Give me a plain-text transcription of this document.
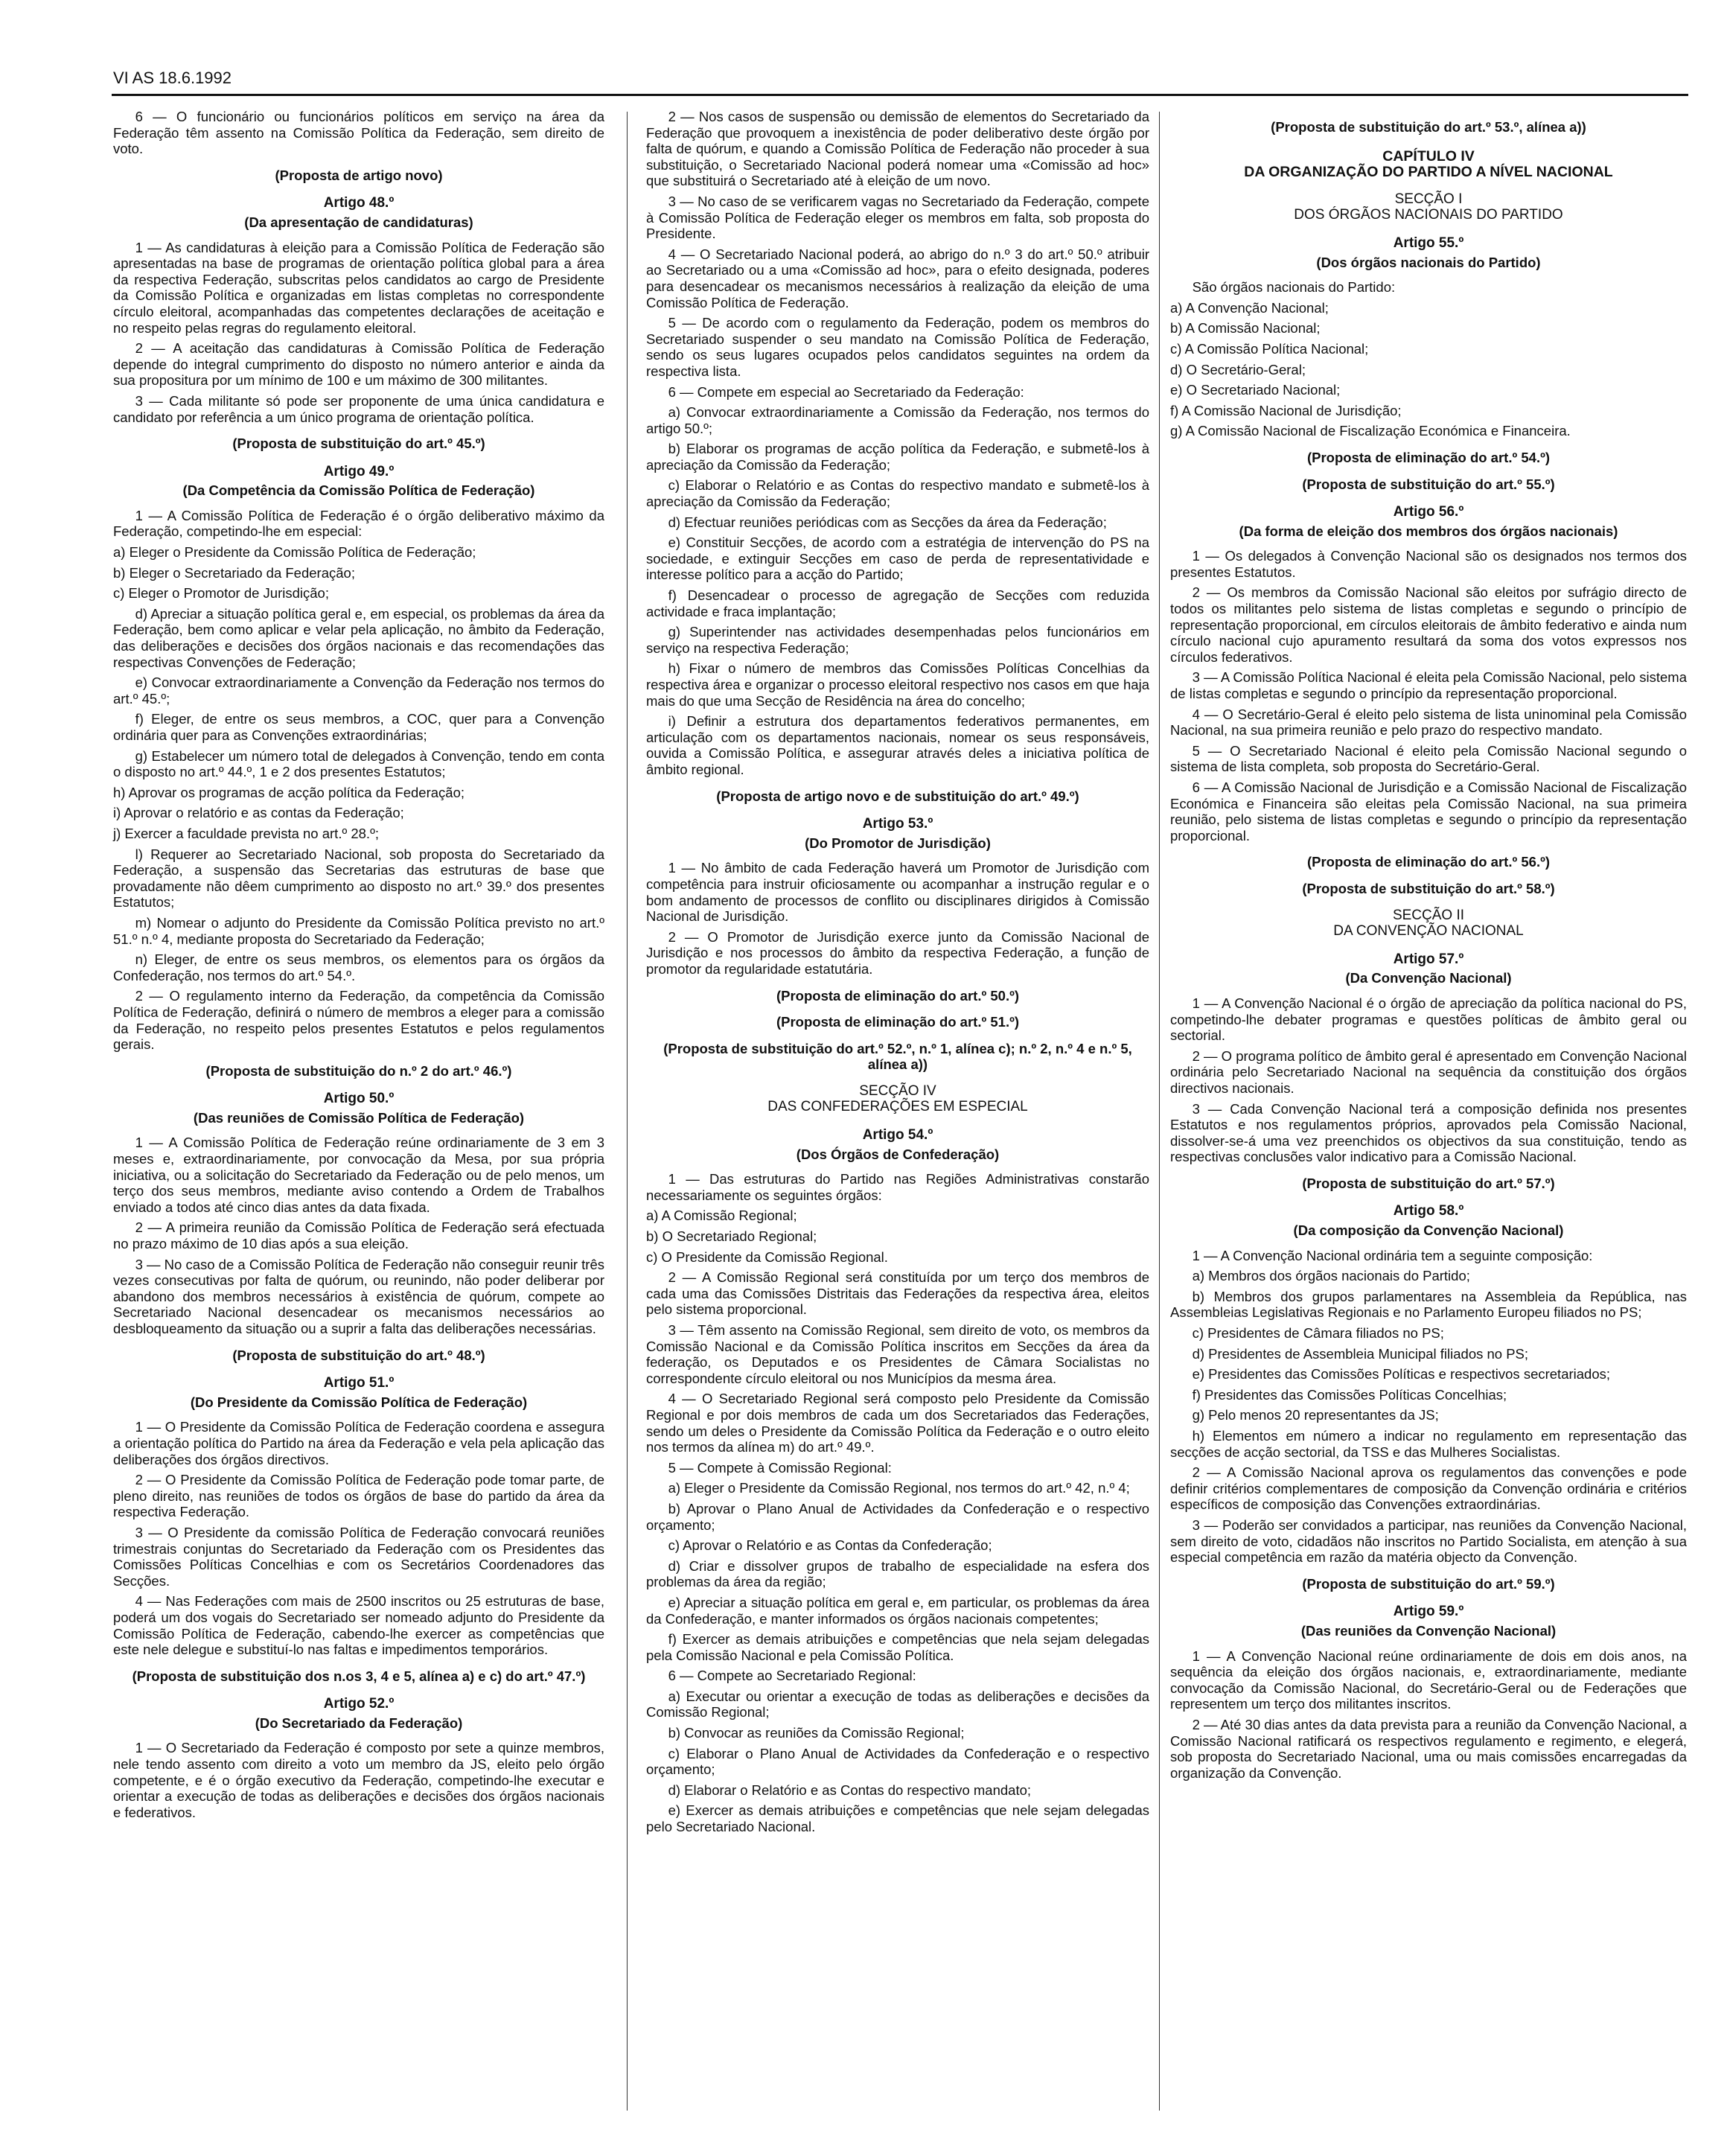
VI AS 18.6.1992

6 — O funcionário ou funcionários políticos em serviço na área da Federação têm assento na Comissão Política da Federação, sem direito de voto.

(Proposta de artigo novo)

Artigo 48.º

(Da apresentação de candidaturas)

1 — As candidaturas à eleição para a Comissão Política de Federação são apresentadas na base de programas de orientação política global para a área da respectiva Federação, subscritas pelos candidatos ao cargo de Presidente da Comissão Política e organizadas em listas completas no correspondente círculo eleitoral, acompanhadas das competentes declarações de aceitação e no respeito pelas regras do regulamento eleitoral.

2 — A aceitação das candidaturas à Comissão Política de Federação depende do integral cumprimento do disposto no número anterior e ainda da sua propositura por um mínimo de 100 e um máximo de 300 militantes.

3 — Cada militante só pode ser proponente de uma única candidatura e candidato por referência a um único programa de orientação política.

(Proposta de substituição do art.º 45.º)

Artigo 49.º

(Da Competência da Comissão Política de Federação)

1 — A Comissão Política de Federação é o órgão deliberativo máximo da Federação, competindo-lhe em especial:

a) Eleger o Presidente da Comissão Política de Federação;

b) Eleger o Secretariado da Federação;

c) Eleger o Promotor de Jurisdição;

d) Apreciar a situação política geral e, em especial, os problemas da área da Federação, bem como aplicar e velar pela aplicação, no âmbito da Federação, das deliberações e decisões dos órgãos nacionais e das recomendações das respectivas Convenções de Federação;

e) Convocar extraordinariamente a Convenção da Federação nos termos do art.º 45.º;

f) Eleger, de entre os seus membros, a COC, quer para a Convenção ordinária quer para as Convenções extraordinárias;

g) Estabelecer um número total de delegados à Convenção, tendo em conta o disposto no art.º 44.º, 1 e 2 dos presentes Estatutos;

h) Aprovar os programas de acção política da Federação;

i) Aprovar o relatório e as contas da Federação;

j) Exercer a faculdade prevista no art.º 28.º;

l) Requerer ao Secretariado Nacional, sob proposta do Secretariado da Federação, a suspensão das Secretarias das estruturas de base que provadamente não dêem cumprimento ao disposto no art.º 39.º dos presentes Estatutos;

m) Nomear o adjunto do Presidente da Comissão Política previsto no art.º 51.º n.º 4, mediante proposta do Secretariado da Federação;

n) Eleger, de entre os seus membros, os elementos para os órgãos da Confederação, nos termos do art.º 54.º.

2 — O regulamento interno da Federação, da competência da Comissão Política de Federação, definirá o número de membros a eleger para a comissão da Federação, no respeito pelos presentes Estatutos e pelos regulamentos gerais.

(Proposta de substituição do n.º 2 do art.º 46.º)

Artigo 50.º

(Das reuniões de Comissão Política de Federação)

1 — A Comissão Política de Federação reúne ordinariamente de 3 em 3 meses e, extraordinariamente, por convocação da Mesa, por sua própria iniciativa, ou a solicitação do Secretariado da Federação ou de pelo menos, um terço dos seus membros, mediante aviso contendo a Ordem de Trabalhos enviado a todos até cinco dias antes da data fixada.

2 — A primeira reunião da Comissão Política de Federação será efectuada no prazo máximo de 10 dias após a sua eleição.

3 — No caso de a Comissão Política de Federação não conseguir reunir três vezes consecutivas por falta de quórum, ou reunindo, não poder deliberar por abandono dos membros necessários à existência de quórum, compete ao Secretariado Nacional desencadear os mecanismos necessários ao desbloqueamento da situação ou a suprir a falta das deliberações necessárias.

(Proposta de substituição do art.º 48.º)

Artigo 51.º

(Do Presidente da Comissão Política de Federação)

1 — O Presidente da Comissão Política de Federação coordena e assegura a orientação política do Partido na área da Federação e vela pela aplicação das deliberações dos órgãos directivos.

2 — O Presidente da Comissão Política de Federação pode tomar parte, de pleno direito, nas reuniões de todos os órgãos de base do partido da área da respectiva Federação.

3 — O Presidente da comissão Política de Federação convocará reuniões trimestrais conjuntas do Secretariado da Federação com os Presidentes das Comissões Políticas Concelhias e com os Secretários Coordenadores das Secções.

4 — Nas Federações com mais de 2500 inscritos ou 25 estruturas de base, poderá um dos vogais do Secretariado ser nomeado adjunto do Presidente da Comissão Política de Federação, cabendo-lhe exercer as competências que este nele delegue e substituí-lo nas faltas e impedimentos temporários.

(Proposta de substituição dos n.os 3, 4 e 5, alínea a) e c) do art.º 47.º)

Artigo 52.º

(Do Secretariado da Federação)

1 — O Secretariado da Federação é composto por sete a quinze membros, nele tendo assento com direito a voto um membro da JS, eleito pelo órgão competente, e é o órgão executivo da Federação, competindo-lhe executar e orientar a execução de todas as deliberações e decisões dos órgãos nacionais e federativos.

2 — Nos casos de suspensão ou demissão de elementos do Secretariado da Federação que provoquem a inexistência de poder deliberativo deste órgão por falta de quórum, e quando a Comissão Política de Federação não proceder à sua substituição, o Secretariado Nacional poderá nomear uma «Comissão ad hoc» que substituirá o Secretariado até à eleição de um novo.

3 — No caso de se verificarem vagas no Secretariado da Federação, compete à Comissão Política de Federação eleger os membros em falta, sob proposta do Presidente.

4 — O Secretariado Nacional poderá, ao abrigo do n.º 3 do art.º 50.º atribuir ao Secretariado ou a uma «Comissão ad hoc», para o efeito designada, poderes para desencadear os mecanismos necessários à realização da eleição de uma Comissão Política de Federação.

5 — De acordo com o regulamento da Federação, podem os membros do Secretariado suspender o seu mandato na Comissão Política de Federação, sendo os seus lugares ocupados pelos candidatos seguintes na ordem da respectiva lista.

6 — Compete em especial ao Secretariado da Federação:

a) Convocar extraordinariamente a Comissão da Federação, nos termos do artigo 50.º;

b) Elaborar os programas de acção política da Federação, e submetê-los à apreciação da Comissão da Federação;

c) Elaborar o Relatório e as Contas do respectivo mandato e submetê-los à apreciação da Comissão da Federação;

d) Efectuar reuniões periódicas com as Secções da área da Federação;

e) Constituir Secções, de acordo com a estratégia de intervenção do PS na sociedade, e extinguir Secções em caso de perda de representatividade e interesse político para a acção do Partido;

f) Desencadear o processo de agregação de Secções com reduzida actividade e fraca implantação;

g) Superintender nas actividades desempenhadas pelos funcionários em serviço na respectiva Federação;

h) Fixar o número de membros das Comissões Políticas Concelhias da respectiva área e organizar o processo eleitoral respectivo nos casos em que haja mais do que uma Secção de Residência na área do concelho;

i) Definir a estrutura dos departamentos federativos permanentes, em articulação com os departamentos nacionais, nomear os seus responsáveis, ouvida a Comissão Política, e assegurar através deles a iniciativa política de âmbito regional.

(Proposta de artigo novo e de substituição do art.º 49.º)

Artigo 53.º

(Do Promotor de Jurisdição)

1 — No âmbito de cada Federação haverá um Promotor de Jurisdição com competência para instruir oficiosamente ou acompanhar a instrução regular e o bom andamento de processos de conflito ou disciplinares dirigidos à Comissão Nacional de Jurisdição.

2 — O Promotor de Jurisdição exerce junto da Comissão Nacional de Jurisdição e nos processos do âmbito da respectiva Federação, a função de promotor da regularidade estatutária.

(Proposta de eliminação do art.º 50.º)

(Proposta de eliminação do art.º 51.º)

(Proposta de substituição do art.º 52.º, n.º 1, alínea c); n.º 2, n.º 4 e n.º 5, alínea a))

SECÇÃO IV

DAS CONFEDERAÇÕES EM ESPECIAL

Artigo 54.º

(Dos Órgãos de Confederação)

1 — Das estruturas do Partido nas Regiões Administrativas constarão necessariamente os seguintes órgãos:

a) A Comissão Regional;

b) O Secretariado Regional;

c) O Presidente da Comissão Regional.

2 — A Comissão Regional será constituída por um terço dos membros de cada uma das Comissões Distritais das Federações da respectiva área, eleitos pelo sistema proporcional.

3 — Têm assento na Comissão Regional, sem direito de voto, os membros da Comissão Nacional e da Comissão Política inscritos em Secções da área da federação, os Deputados e os Presidentes de Câmara Socialistas no correspondente círculo eleitoral ou nos Municípios da mesma área.

4 — O Secretariado Regional será composto pelo Presidente da Comissão Regional e por dois membros de cada um dos Secretariados das Federações, sendo um deles o Presidente da Comissão Política da Federação e o outro eleito nos termos da alínea m) do art.º 49.º.

5 — Compete à Comissão Regional:

a) Eleger o Presidente da Comissão Regional, nos termos do art.º 42, n.º 4;

b) Aprovar o Plano Anual de Actividades da Confederação e o respectivo orçamento;

c) Aprovar o Relatório e as Contas da Confederação;

d) Criar e dissolver grupos de trabalho de especialidade na esfera dos problemas da área da região;

e) Apreciar a situação política em geral e, em particular, os problemas da área da Confederação, e manter informados os órgãos nacionais competentes;

f) Exercer as demais atribuições e competências que nela sejam delegadas pela Comissão Nacional e pela Comissão Política.

6 — Compete ao Secretariado Regional:

a) Executar ou orientar a execução de todas as deliberações e decisões da Comissão Regional;

b) Convocar as reuniões da Comissão Regional;

c) Elaborar o Plano Anual de Actividades da Confederação e o respectivo orçamento;

d) Elaborar o Relatório e as Contas do respectivo mandato;

e) Exercer as demais atribuições e competências que nele sejam delegadas pelo Secretariado Nacional.

(Proposta de substituição do art.º 53.º, alínea a))

CAPÍTULO IV

DA ORGANIZAÇÃO DO PARTIDO A NÍVEL NACIONAL

SECÇÃO I

DOS ÓRGÃOS NACIONAIS DO PARTIDO

Artigo 55.º

(Dos órgãos nacionais do Partido)

São órgãos nacionais do Partido:

a) A Convenção Nacional;

b) A Comissão Nacional;

c) A Comissão Política Nacional;

d) O Secretário-Geral;

e) O Secretariado Nacional;

f) A Comissão Nacional de Jurisdição;

g) A Comissão Nacional de Fiscalização Económica e Financeira.

(Proposta de eliminação do art.º 54.º)

(Proposta de substituição do art.º 55.º)

Artigo 56.º

(Da forma de eleição dos membros dos órgãos nacionais)

1 — Os delegados à Convenção Nacional são os designados nos termos dos presentes Estatutos.

2 — Os membros da Comissão Nacional são eleitos por sufrágio directo de todos os militantes pelo sistema de listas completas e segundo o princípio de representação proporcional, em círculos eleitorais de âmbito federativo e ainda num círculo nacional cujo apuramento resultará da soma dos votos expressos nos círculos federativos.

3 — A Comissão Política Nacional é eleita pela Comissão Nacional, pelo sistema de listas completas e segundo o princípio da representação proporcional.

4 — O Secretário-Geral é eleito pelo sistema de lista uninominal pela Comissão Nacional, na sua primeira reunião e pelo prazo do respectivo mandato.

5 — O Secretariado Nacional é eleito pela Comissão Nacional segundo o sistema de lista completa, sob proposta do Secretário-Geral.

6 — A Comissão Nacional de Jurisdição e a Comissão Nacional de Fiscalização Económica e Financeira são eleitas pela Comissão Nacional, na sua primeira reunião, pelo sistema de listas completas e segundo o princípio da representação proporcional.

(Proposta de eliminação do art.º 56.º)

(Proposta de substituição do art.º 58.º)

SECÇÃO II

DA CONVENÇÃO NACIONAL

Artigo 57.º

(Da Convenção Nacional)

1 — A Convenção Nacional é o órgão de apreciação da política nacional do PS, competindo-lhe debater programas e questões políticas de âmbito geral ou sectorial.

2 — O programa político de âmbito geral é apresentado em Convenção Nacional ordinária pelo Secretariado Nacional na sequência da constituição dos órgãos directivos nacionais.

3 — Cada Convenção Nacional terá a composição definida nos presentes Estatutos e nos regulamentos próprios, aprovados pela Comissão Nacional, dissolver-se-á uma vez preenchidos os objectivos da sua constituição, tendo as respectivas conclusões valor indicativo para a Comissão Nacional.

(Proposta de substituição do art.º 57.º)

Artigo 58.º

(Da composição da Convenção Nacional)

1 — A Convenção Nacional ordinária tem a seguinte composição:

a) Membros dos órgãos nacionais do Partido;

b) Membros dos grupos parlamentares na Assembleia da República, nas Assembleias Legislativas Regionais e no Parlamento Europeu filiados no PS;

c) Presidentes de Câmara filiados no PS;

d) Presidentes de Assembleia Municipal filiados no PS;

e) Presidentes das Comissões Políticas e respectivos secretariados;

f) Presidentes das Comissões Políticas Concelhias;

g) Pelo menos 20 representantes da JS;

h) Elementos em número a indicar no regulamento em representação das secções de acção sectorial, da TSS e das Mulheres Socialistas.

2 — A Comissão Nacional aprova os regulamentos das convenções e pode definir critérios complementares de composição da Convenção ordinária e critérios específicos de composição das Convenções extraordinárias.

3 — Poderão ser convidados a participar, nas reuniões da Convenção Nacional, sem direito de voto, cidadãos não inscritos no Partido Socialista, em atenção à sua especial competência em razão da matéria objecto da Convenção.

(Proposta de substituição do art.º 59.º)

Artigo 59.º

(Das reuniões da Convenção Nacional)

1 — A Convenção Nacional reúne ordinariamente de dois em dois anos, na sequência da eleição dos órgãos nacionais, e, extraordinariamente, mediante convocação da Comissão Nacional, do Secretário-Geral ou de Federações que representem um terço dos militantes inscritos.

2 — Até 30 dias antes da data prevista para a reunião da Convenção Nacional, a Comissão Nacional ratificará os respectivos regulamento e regimento, e elegerá, sob proposta do Secretariado Nacional, uma ou mais comissões encarregadas da organização da Convenção.
